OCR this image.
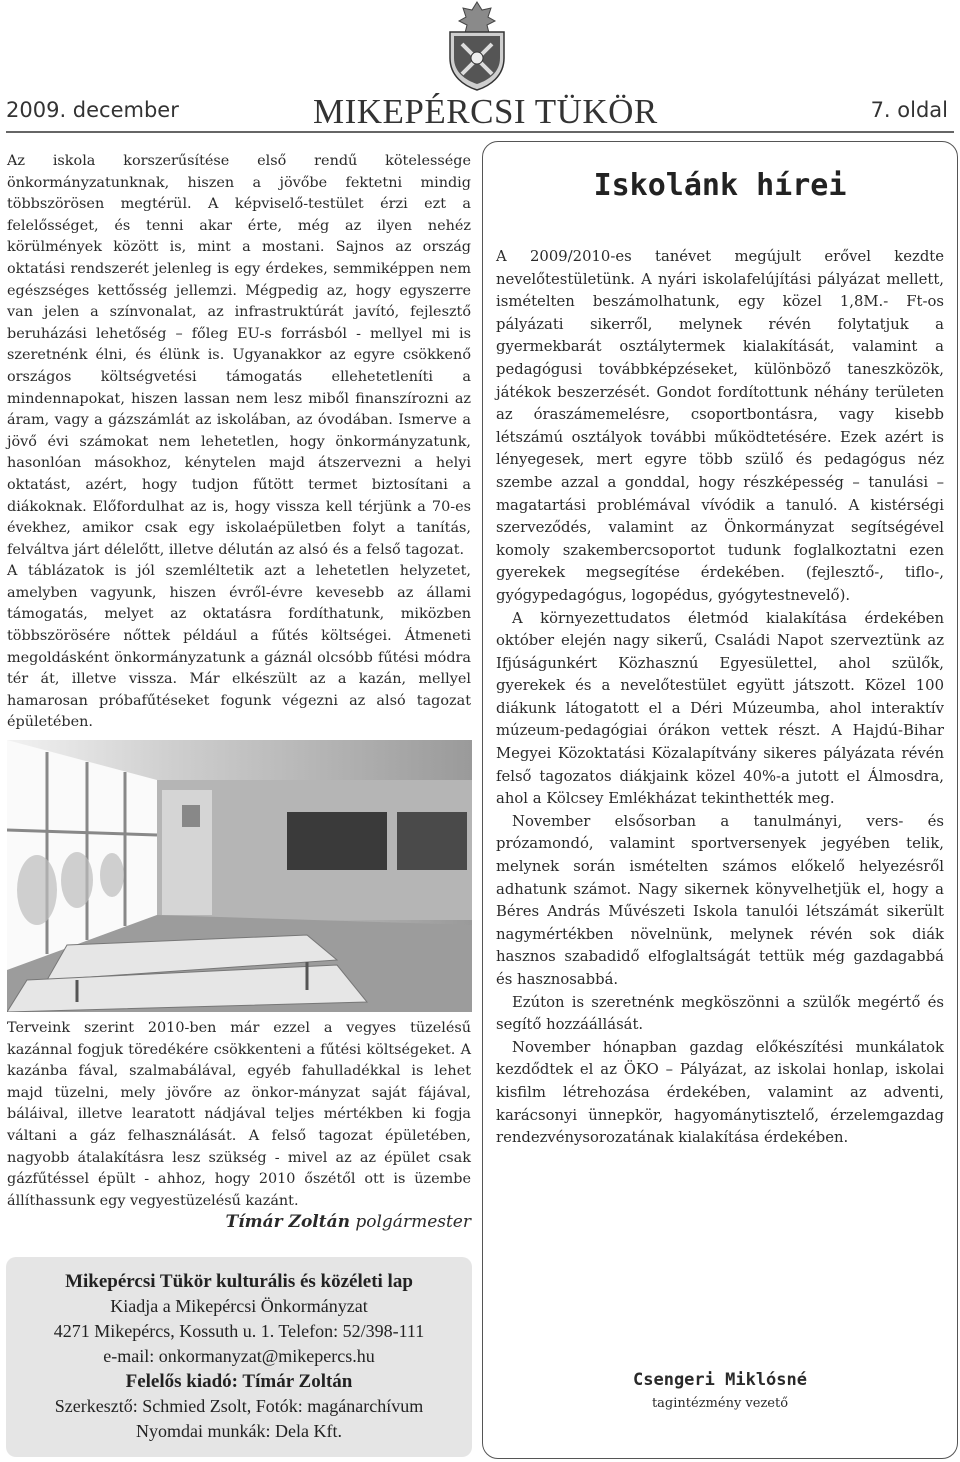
2009. december	MIKEPÉRCSI TÜKÖR	7. oldal

Az iskola korszerűsítése első rendű kötelessége önkormányzatunknak, hiszen a jövőbe fektetni mindig többszörösen megtérül. A képviselő-testület érzi ezt a felelősséget, és tenni akar érte, még az ilyen nehéz körülmények között is, mint a mostani. Sajnos az ország oktatási rendszerét jelenleg is egy érdekes, semmiképpen nem egészséges kettősség jellemzi. Mégpedig az, hogy egyszerre van jelen a színvonalat, az infrastruktúrát javító, fejlesztő beruházási lehetőség – főleg EU-s forrásból - mellyel mi is szeretnénk élni, és élünk is. Ugyanakkor az egyre csökkenő országos költségvetési támogatás ellehetetleníti a mindennapokat, hiszen lassan nem lesz miből finanszírozni az áram, vagy a gázszámlát az iskolában, az óvodában. Ismerve a jövő évi számokat nem lehetetlen, hogy önkormányzatunk, hasonlóan másokhoz, kénytelen majd átszervezni a helyi oktatást, azért, hogy tudjon fűtött termet biztosítani a diákoknak. Előfordulhat az is, hogy vissza kell térjünk a 70-es évekhez, amikor csak egy iskolaépületben folyt a tanítás, felváltva járt délelőtt, illetve délután az alsó és a felső tagozat.

A táblázatok is jól szemléltetik azt a lehetetlen helyzetet, amelyben vagyunk, hiszen évről-évre kevesebb az állami támogatás, melyet az oktatásra fordíthatunk, miközben többszörösére nőttek például a fűtés költségei. Átmeneti megoldásként önkormányzatunk a gáznál olcsóbb fűtési módra tér át, illetve vissza. Már elkészült az a kazán, mellyel hamarosan próbafűtéseket fogunk végezni az alsó tagozat épületében.

Terveink szerint 2010-ben már ezzel a vegyes tüzelésű kazánnal fogjuk töredékére csökkenteni a fűtési költségeket. A kazánba fával, szalmabálával, egyéb fahulladékkal is lehet majd tüzelni, mely jövőre az önkor-mányzat saját fájával, báláival, illetve learatott nádjával teljes mértékben ki fogja váltani a gáz felhasználását. A felső tagozat épületében, nagyobb átalakításra lesz szükség - mivel az az épület csak gázfűtéssel épült - ahhoz, hogy 2010 őszétől ott is üzembe állíthassunk egy vegyestüzelésű kazánt.

Tímár Zoltán polgármester
Mikepércsi Tükör kulturális és közéleti lap
Kiadja a Mikepércsi Önkormányzat
4271 Mikepércs, Kossuth u. 1. Telefon: 52/398-111
e-mail: onkormanyzat@mikepercs.hu
Felelős kiadó: Tímár Zoltán
Szerkesztő: Schmied Zsolt, Fotók: magánarchívum
Nyomdai munkák: Dela Kft.
Iskolánk hírei

A 2009/2010-es tanévet megújult erővel kezdte nevelőtestületünk. A nyári iskolafelújítási pályázat mellett, ismételten beszámolhatunk, egy közel 1,8M.- Ft-os pályázati sikerről, melynek révén folytatjuk a gyermekbarát osztálytermek kialakítását, valamint a pedagógusi továbbképzéseket, különböző taneszközök, játékok beszerzését. Gondot fordítottunk néhány területen az óraszámemelésre, csoportbontásra, vagy kisebb létszámú osztályok további működtetésére. Ezek azért is lényegesek, mert egyre több szülő és pedagógus néz szembe azzal a gonddal, hogy részképesség – tanulási – magatartási problémával vívódik a tanuló. A kistérségi szerveződés, valamint az Önkormányzat segítségével komoly szakembercsoportot tudunk foglalkoztatni ezen gyerekek megsegítése érdekében. (fejlesztő-, tiflo-, gyógypedagógus, logopédus, gyógytestnevelő).

A környezettudatos életmód kialakítása érdekében október elején nagy sikerű, Családi Napot szerveztünk az Ifjúságunkért Közhasznú Egyesülettel, ahol szülők, gyerekek és a nevelőtestület együtt játszott. Közel 100 diákunk látogatott el a Déri Múzeumba, ahol interaktív múzeum-pedagógiai órákon vettek részt. A Hajdú-Bihar Megyei Közoktatási Közalapítvány sikeres pályázata révén felső tagozatos diákjaink közel 40%-a jutott el Álmosdra, ahol a Kölcsey Emlékházat tekinthették meg.

November elsősorban a tanulmányi, vers- és prózamondó, valamint sportversenyek jegyében telik, melynek során ismételten számos előkelő helyezésről adhatunk számot. Nagy sikernek könyvelhetjük el, hogy a Béres András Művészeti Iskola tanulói létszámát sikerült nagymértékben növelnünk, melynek révén sok diák hasznos szabadidő elfoglaltságát tettük még gazdagabbá és hasznosabbá.

Ezúton is szeretnénk megköszönni a szülők megértő és segítő hozzáállását.

November hónapban gazdag előkészítési munkálatok kezdődtek el az ÖKO – Pályázat, az iskolai honlap, iskolai kisfilm létrehozása érdekében, valamint az adventi, karácsonyi ünnepkör, hagyománytisztelő, érzelemgazdag rendezvénysorozatának kialakítása érdekében.

Csengeri Miklósné
tagintézmény vezető
